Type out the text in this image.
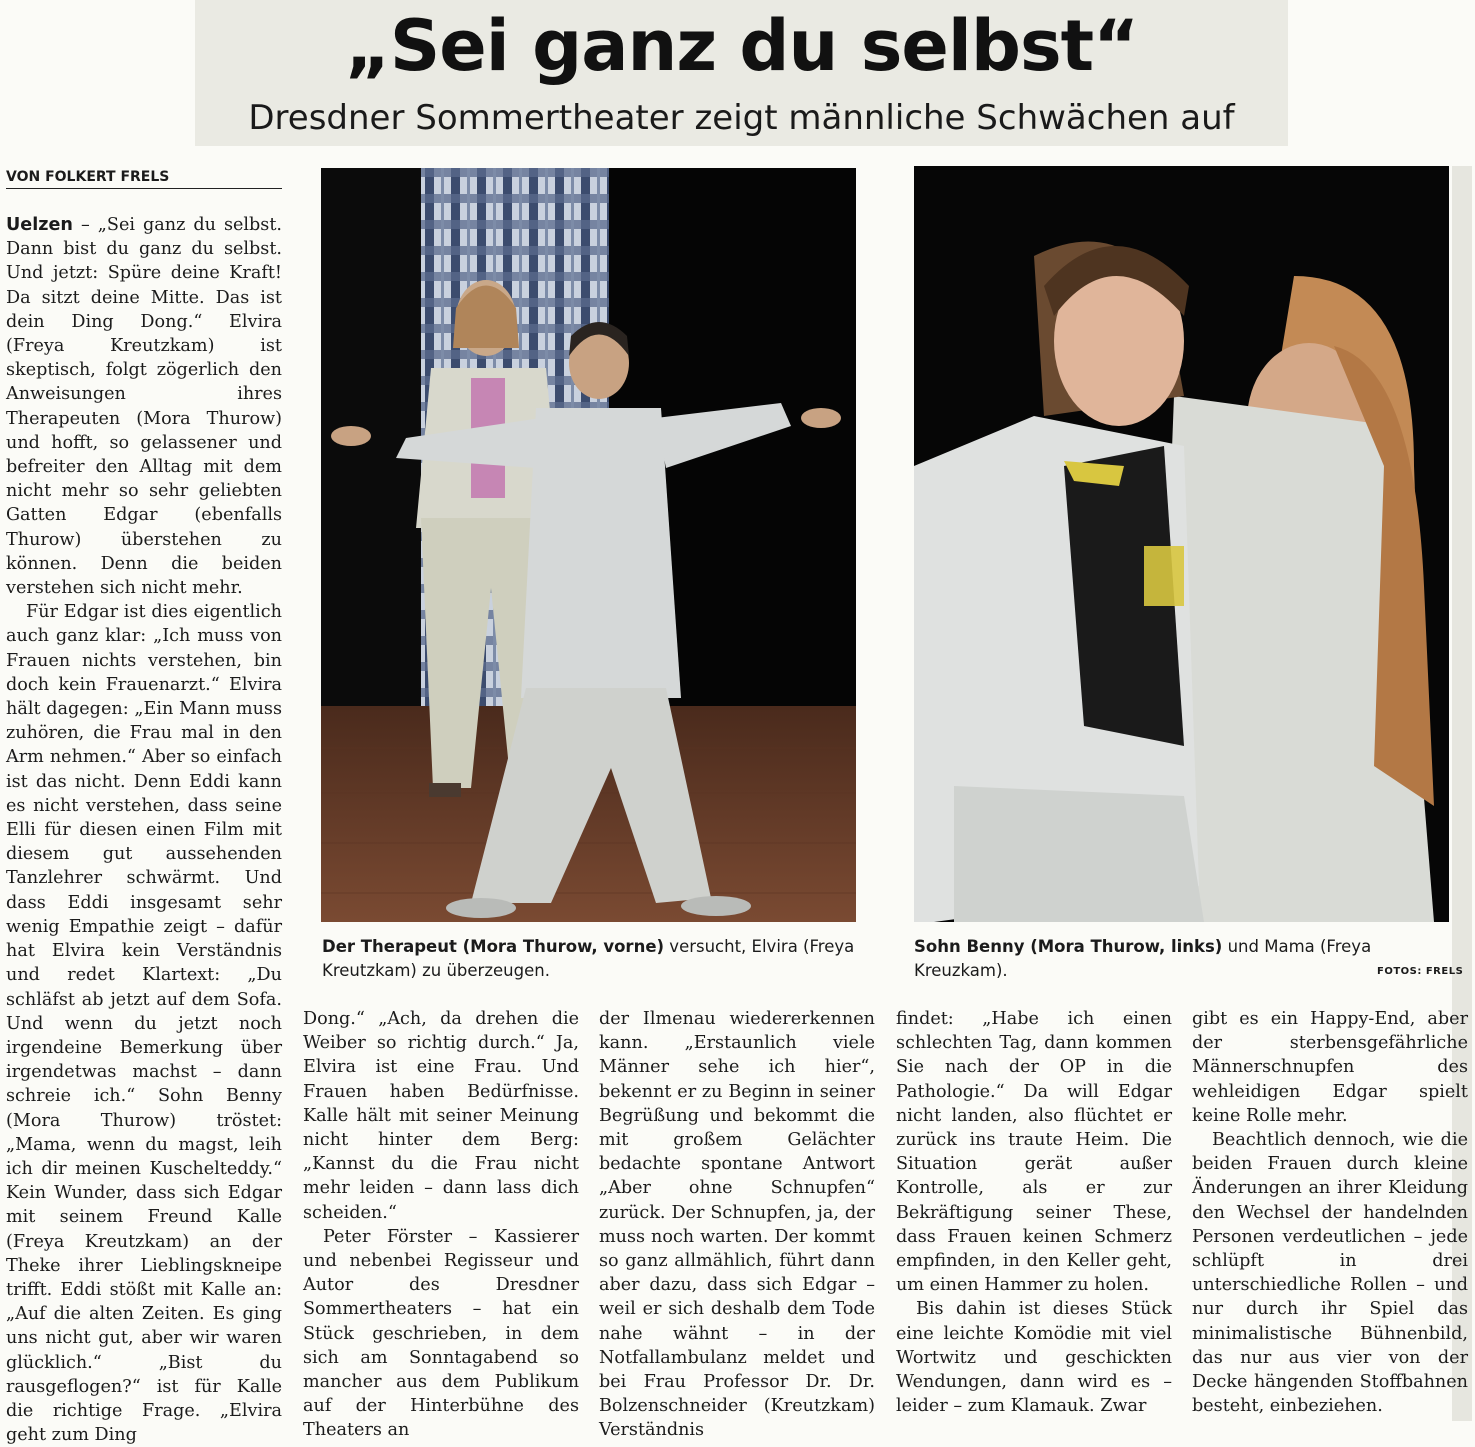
„Sei ganz du selbst“
Dresdner Sommertheater zeigt männliche Schwächen auf
VON FOLKERT FRELS

Uelzen – „Sei ganz du selbst. Dann bist du ganz du selbst. Und jetzt: Spüre deine Kraft! Da sitzt deine Mitte. Das ist dein Ding Dong.“ Elvira (Freya Kreutzkam) ist skeptisch, folgt zögerlich den Anweisungen ihres Therapeuten (Mora Thurow) und hofft, so gelassener und befreiter den Alltag mit dem nicht mehr so sehr geliebten Gatten Edgar (ebenfalls Thurow) überstehen zu können. Denn die beiden verstehen sich nicht mehr.

Für Edgar ist dies eigentlich auch ganz klar: „Ich muss von Frauen nichts verstehen, bin doch kein Frauenarzt.“ Elvira hält dagegen: „Ein Mann muss zuhören, die Frau mal in den Arm nehmen.“ Aber so einfach ist das nicht. Denn Eddi kann es nicht verstehen, dass seine Elli für diesen einen Film mit diesem gut aussehenden Tanzlehrer schwärmt. Und dass Eddi insgesamt sehr wenig Empathie zeigt – dafür hat Elvira kein Verständnis und redet Klartext: „Du schläfst ab jetzt auf dem Sofa. Und wenn du jetzt noch irgendeine Bemerkung über irgendetwas machst – dann schreie ich.“ Sohn Benny (Mora Thurow) tröstet: „Mama, wenn du magst, leih ich dir meinen Kuschelteddy.“ Kein Wunder, dass sich Edgar mit seinem Freund Kalle (Freya Kreutzkam) an der Theke ihrer Lieblingskneipe trifft. Eddi stößt mit Kalle an: „Auf die alten Zeiten. Es ging uns nicht gut, aber wir waren glücklich.“ „Bist du rausgeflogen?“ ist für Kalle die richtige Frage. „Elvira geht zum Ding

Der Therapeut (Mora Thurow, vorne) versucht, Elvira (Freya Kreutzkam) zu überzeugen.
Sohn Benny (Mora Thurow, links) und Mama (Freya Kreuzkam).	FOTOS: FRELS

Dong.“ „Ach, da drehen die Weiber so richtig durch.“ Ja, Elvira ist eine Frau. Und Frauen haben Bedürfnisse. Kalle hält mit seiner Meinung nicht hinter dem Berg: „Kannst du die Frau nicht mehr leiden – dann lass dich scheiden.“

Peter Förster – Kassierer und nebenbei Regisseur und Autor des Dresdner Sommertheaters – hat ein Stück geschrieben, in dem sich am Sonntagabend so mancher aus dem Publikum auf der Hinterbühne des Theaters an

der Ilmenau wiedererkennen kann. „Erstaunlich viele Männer sehe ich hier“, bekennt er zu Beginn in seiner Begrüßung und bekommt die mit großem Gelächter bedachte spontane Antwort „Aber ohne Schnupfen“ zurück. Der Schnupfen, ja, der muss noch warten. Der kommt so ganz allmählich, führt dann aber dazu, dass sich Edgar – weil er sich deshalb dem Tode nahe wähnt – in der Notfallambulanz meldet und bei Frau Professor Dr. Dr. Bolzenschneider (Kreutzkam) Verständnis

findet: „Habe ich einen schlechten Tag, dann kommen Sie nach der OP in die Pathologie.“ Da will Edgar nicht landen, also flüchtet er zurück ins traute Heim. Die Situation gerät außer Kontrolle, als er zur Bekräftigung seiner These, dass Frauen keinen Schmerz empfinden, in den Keller geht, um einen Hammer zu holen.

Bis dahin ist dieses Stück eine leichte Komödie mit viel Wortwitz und geschickten Wendungen, dann wird es – leider – zum Klamauk. Zwar

gibt es ein Happy-End, aber der sterbensgefährliche Männerschnupfen des wehleidigen Edgar spielt keine Rolle mehr.

Beachtlich dennoch, wie die beiden Frauen durch kleine Änderungen an ihrer Kleidung den Wechsel der handelnden Personen verdeutlichen – jede schlüpft in drei unterschiedliche Rollen – und nur durch ihr Spiel das minimalistische Bühnenbild, das nur aus vier von der Decke hängenden Stoffbahnen besteht, einbeziehen.
